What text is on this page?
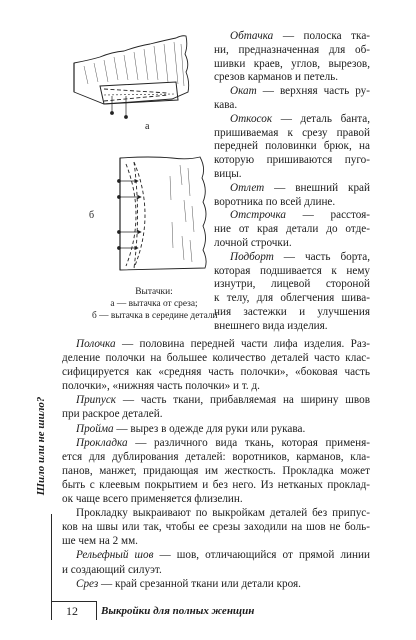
а
б
Вытачки:
а — вытачка от среза;
б — вытачка в середине детали
Обтачка — полоска тка-
ни, предназначенная для об-
шивки краев, углов, вырезов,
срезов карманов и петель.
Окат — верхняя часть ру-
кава.
Откосок — деталь банта,
пришиваемая к срезу правой
передней половинки брюк, на
которую пришиваются пуго-
вицы.
Отлет — внешний край
воротника по всей длине.
Отстрочка — расстоя-
ние от края детали до отде-
лочной строчки.
Подборт — часть борта,
которая подшивается к нему
изнутри, лицевой стороной
к телу, для облегчения шива-
ния застежки и улучшения
внешнего вида изделия.
Полочка — половина передней части лифа изделия. Раз-
деление полочки на большее количество деталей часто клас-
сифицируется как «средняя часть полочки», «боковая часть
полочки», «нижняя часть полочки» и т. д.
Припуск — часть ткани, прибавляемая на ширину швов
при раскрое деталей.
Пройма — вырез в одежде для руки или рукава.
Прокладка — различного вида ткань, которая применя-
ется для дублирования деталей: воротников, карманов, кла-
панов, манжет, придающая им жесткость. Прокладка может
быть с клеевым покрытием и без него. Из нетканых проклад-
ок чаще всего применяется флизелин.
Прокладку выкраивают по выкройкам деталей без припус-
ков на швы или так, чтобы ее срезы заходили на шов не боль-
ше чем на 2 мм.
Рельефный шов — шов, отличающийся от прямой линии
и создающий силуэт.
Срез — край срезанной ткани или детали кроя.
Шило или не шило?
12 Выкройки для полных женщин
